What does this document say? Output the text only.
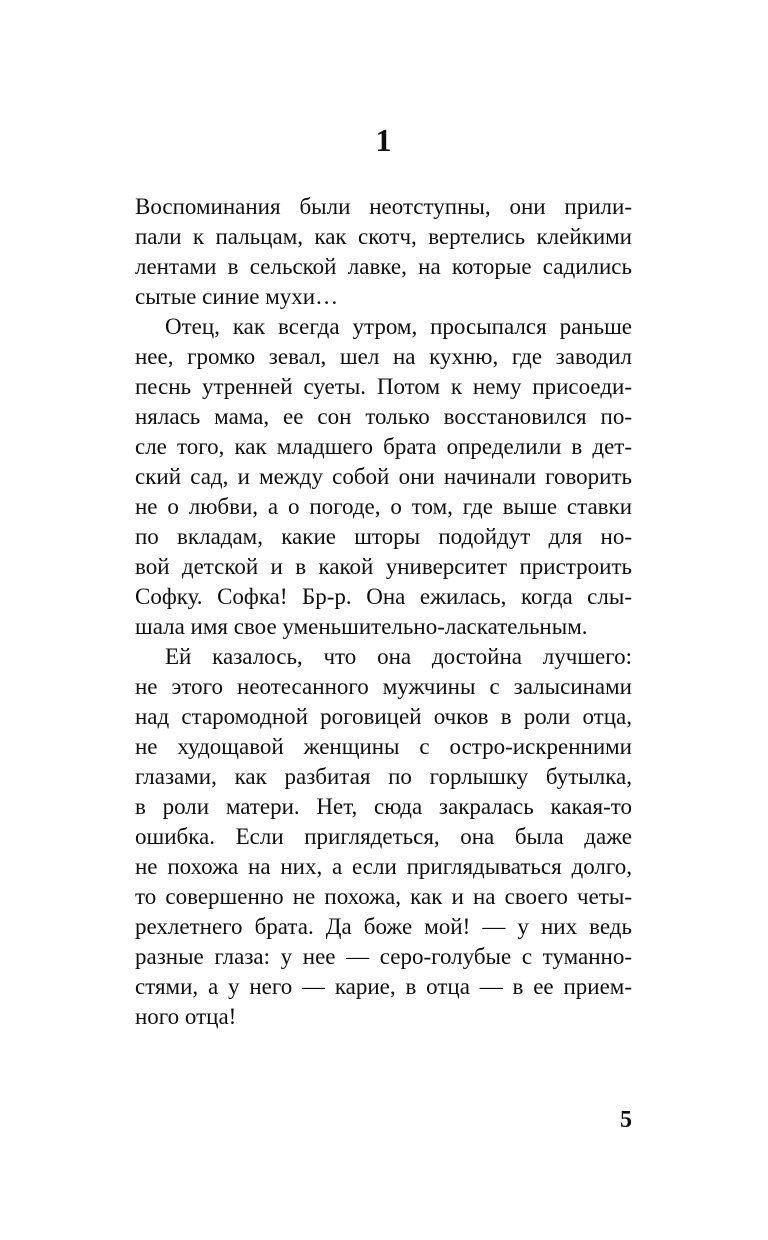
1

Воспоминания были неотступны, они прили-
пали к пальцам, как скотч, вертелись клейкими
лентами в сельской лавке, на которые садились
сытые синие мухи…

Отец, как всегда утром, просыпался раньше
нее, громко зевал, шел на кухню, где заводил
песнь утренней суеты. Потом к нему присоеди-
нялась мама, ее сон только восстановился по-
сле того, как младшего брата определили в дет-
ский сад, и между собой они начинали говорить
не о любви, а о погоде, о том, где выше ставки
по вкладам, какие шторы подойдут для но-
вой детской и в какой университет пристроить
Софку. Софка! Бр-р. Она ежилась, когда слы-
шала имя свое уменьшительно-ласкательным.

Ей казалось, что она достойна лучшего:
не этого неотесанного мужчины с залысинами
над старомодной роговицей очков в роли отца,
не худощавой женщины с остро-искренними
глазами, как разбитая по горлышку бутылка,
в роли матери. Нет, сюда закралась какая-то
ошибка. Если приглядеться, она была даже
не похожа на них, а если приглядываться долго,
то совершенно не похожа, как и на своего четы-
рехлетнего брата. Да боже мой! — у них ведь
разные глаза: у нее — серо-голубые с туманно-
стями, а у него — карие, в отца — в ее прием-
ного отца!

5
